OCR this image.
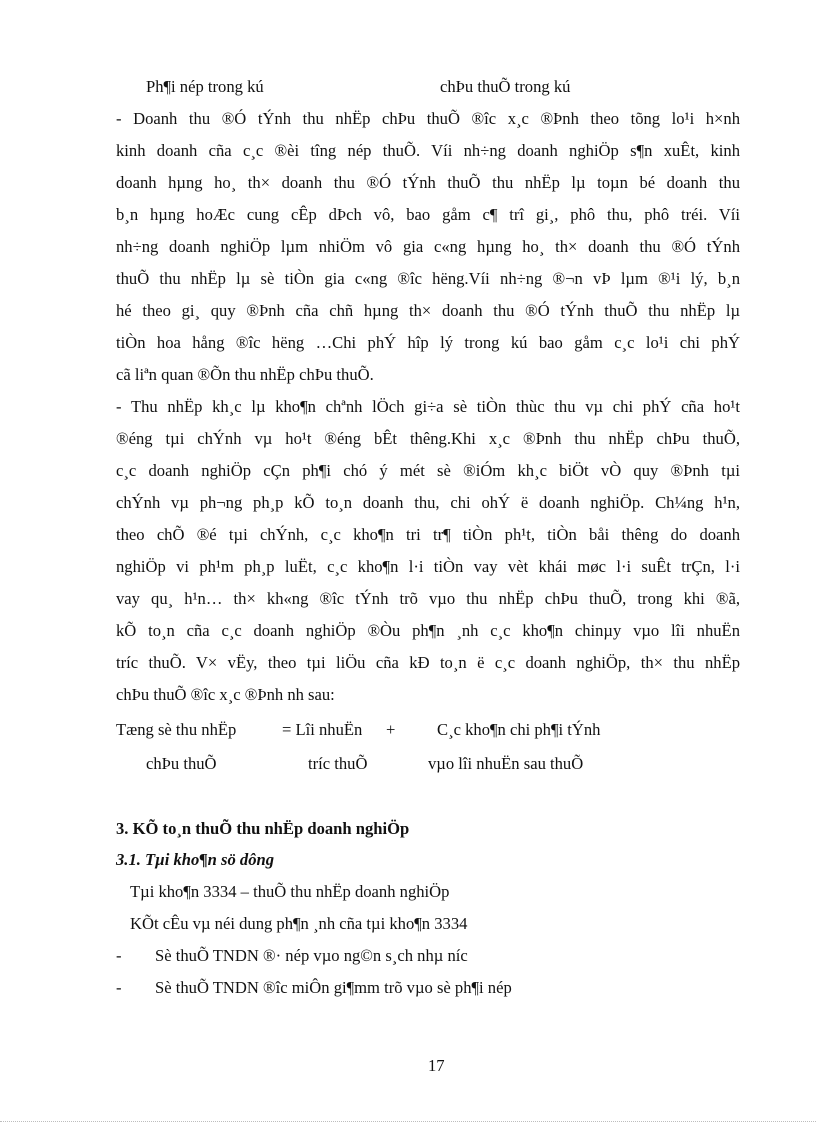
Ph¶i nép trong kú	chÞu thuÕ trong kú
- Doanh thu ®Ó tÝnh thu nhËp chÞu thuÕ ®îc x¸c ®Þnh theo tõng lo¹i h×nh
kinh doanh cña c¸c ®èi tîng nép thuÕ. Víi nh÷ng doanh nghiÖp s¶n xuÊt, kinh
doanh hµng ho¸ th× doanh thu ®Ó tÝnh thuÕ thu nhËp lµ toµn bé doanh thu
b¸n hµng hoÆc cung cÊp dÞch vô, bao gåm c¶ trî gi¸, phô thu, phô tréi. Víi
nh÷ng doanh nghiÖp lµm nhiÖm vô gia c«ng hµng ho¸ th× doanh thu ®Ó tÝnh
thuÕ thu nhËp lµ sè tiÒn gia c«ng ®îc hëng.Víi nh÷ng ®¬n vÞ lµm ®¹i lý, b¸n
hé theo gi¸ quy ®Þnh cña chñ hµng th× doanh thu ®Ó tÝnh thuÕ thu nhËp lµ
tiÒn hoa hång ®îc hëng …Chi phÝ hîp lý trong kú bao gåm c¸c lo¹i chi phÝ
cã liªn quan ®Õn thu nhËp chÞu thuÕ.
- Thu nhËp kh¸c lµ kho¶n chªnh lÖch gi÷a sè tiÒn thùc thu vµ chi phÝ cña ho¹t
®éng tµi chÝnh vµ ho¹t ®éng bÊt thêng.Khi x¸c ®Þnh thu nhËp chÞu thuÕ,
c¸c doanh nghiÖp cÇn ph¶i chó ý mét sè ®iÓm kh¸c biÖt vÒ quy ®Þnh tµi
chÝnh vµ ph¬ng ph¸p kÕ to¸n doanh thu, chi ohÝ ë doanh nghiÖp. Ch¼ng h¹n,
theo chÕ ®é tµi chÝnh, c¸c kho¶n tri tr¶ tiÒn ph¹t, tiÒn båi thêng do doanh
nghiÖp vi ph¹m ph¸p luËt, c¸c kho¶n l·i tiÒn vay vèt khái møc l·i suÊt trÇn, l·i
vay qu¸ h¹n… th× kh«ng ®îc tÝnh trõ vµo thu nhËp chÞu thuÕ, trong khi ®ã,
kÕ to¸n cña c¸c doanh nghiÖp ®Òu ph¶n ¸nh c¸c kho¶n chinµy vµo lîi nhuËn
tríc thuÕ. V× vËy, theo tµi liÖu cña kÐ to¸n ë c¸c doanh nghiÖp, th× thu nhËp
chÞu thuÕ ®îc x¸c ®Þnh nh sau:
Tæng sè thu nhËp	= Lîi nhuËn +	C¸c kho¶n chi ph¶i tÝnh
chÞu thuÕ	tríc thuÕ	vµo lîi nhuËn sau thuÕ
3. KÕ to¸n thuÕ thu nhËp doanh nghiÖp
3.1. Tµi kho¶n sö dông
Tµi kho¶n 3334 – thuÕ thu nhËp doanh nghiÖp
KÕt cÊu vµ néi dung ph¶n ¸nh cña tµi kho¶n 3334
- Sè thuÕ TNDN ®· nép vµo ng©n s¸ch nhµ níc
- Sè thuÕ TNDN ®îc miÔn gi¶mm trõ vµo sè ph¶i nép
17
